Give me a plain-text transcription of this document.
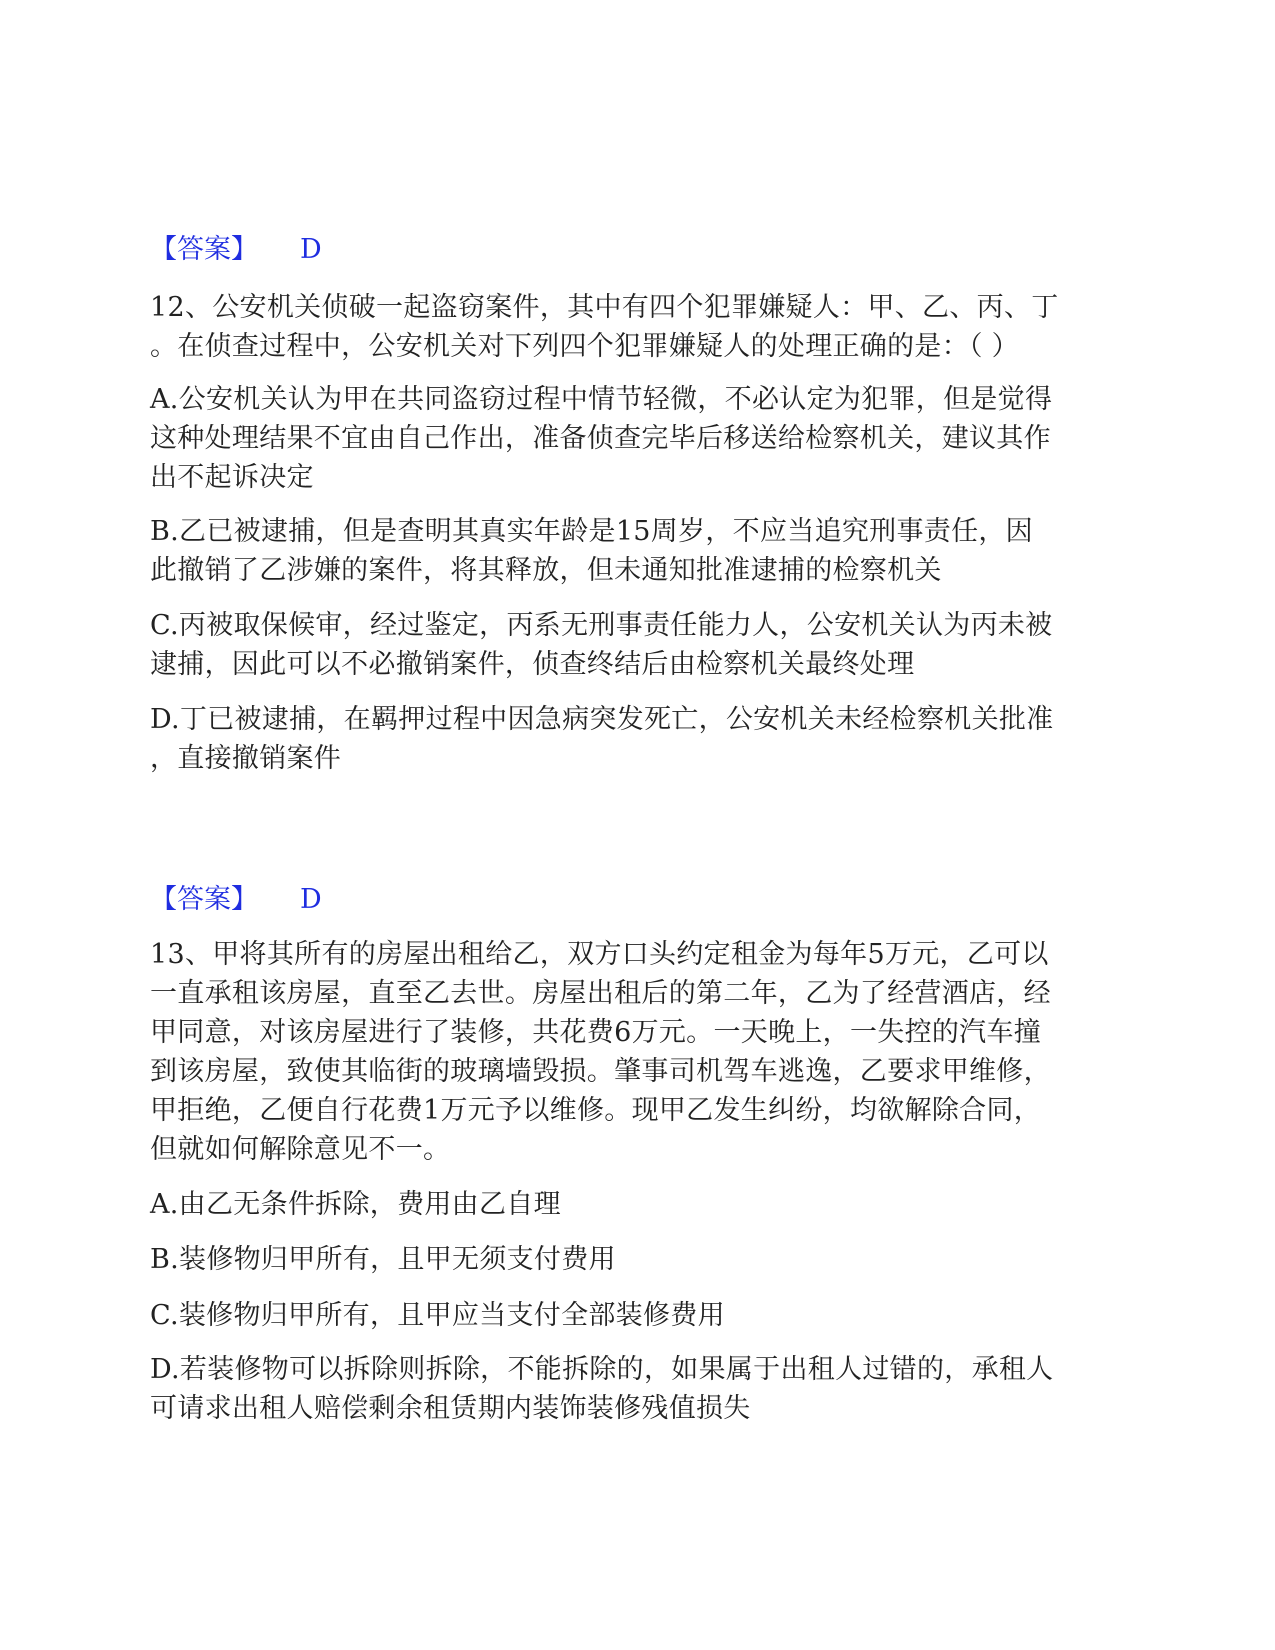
【答案】 D
12、公安机关侦破一起盗窃案件，其中有四个犯罪嫌疑人：甲、乙、丙、丁
。在侦查过程中，公安机关对下列四个犯罪嫌疑人的处理正确的是：（ ）
A.公安机关认为甲在共同盗窃过程中情节轻微，不必认定为犯罪，但是觉得
这种处理结果不宜由自己作出，准备侦查完毕后移送给检察机关，建议其作
出不起诉决定
B.乙已被逮捕，但是查明其真实年龄是15周岁，不应当追究刑事责任，因
此撤销了乙涉嫌的案件，将其释放，但未通知批准逮捕的检察机关
C.丙被取保候审，经过鉴定，丙系无刑事责任能力人，公安机关认为丙未被
逮捕，因此可以不必撤销案件，侦查终结后由检察机关最终处理
D.丁已被逮捕，在羁押过程中因急病突发死亡，公安机关未经检察机关批准
，直接撤销案件
【答案】 D
13、甲将其所有的房屋出租给乙，双方口头约定租金为每年5万元，乙可以
一直承租该房屋，直至乙去世。房屋出租后的第二年，乙为了经营酒店，经
甲同意，对该房屋进行了装修，共花费6万元。一天晚上，一失控的汽车撞
到该房屋，致使其临街的玻璃墙毁损。肇事司机驾车逃逸，乙要求甲维修，
甲拒绝，乙便自行花费1万元予以维修。现甲乙发生纠纷，均欲解除合同，
但就如何解除意见不一。
A.由乙无条件拆除，费用由乙自理
B.装修物归甲所有，且甲无须支付费用
C.装修物归甲所有，且甲应当支付全部装修费用
D.若装修物可以拆除则拆除，不能拆除的，如果属于出租人过错的，承租人
可请求出租人赔偿剩余租赁期内装饰装修残值损失
